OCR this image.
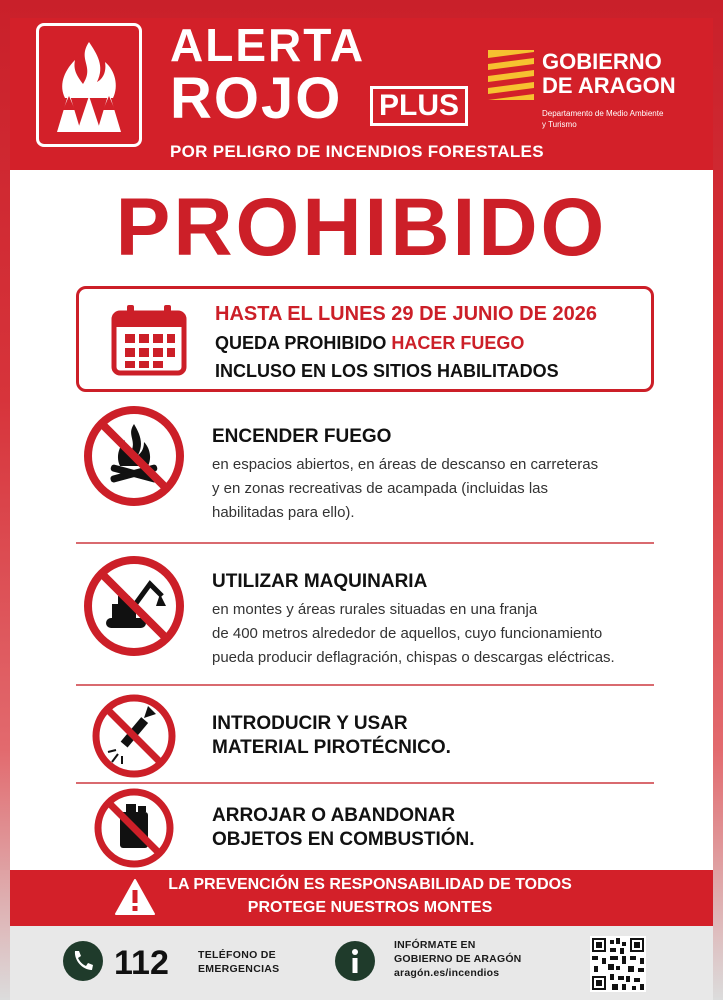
ALERTA
ROJO PLUS
POR PELIGRO DE INCENDIOS FORESTALES
GOBIERNO
DE ARAGON
Departamento de Medio Ambiente
y Turismo
PROHIBIDO
HASTA EL LUNES 29 DE JUNIO DE 2026
QUEDA PROHIBIDO HACER FUEGO
INCLUSO EN LOS SITIOS HABILITADOS
ENCENDER FUEGO
en espacios abiertos, en áreas de descanso en carreteras
y en zonas recreativas de acampada (incluidas las
habilitadas para ello).
UTILIZAR MAQUINARIA
en montes y áreas rurales situadas en una franja
de 400 metros alrededor de aquellos, cuyo funcionamiento
pueda producir deflagración, chispas o descargas eléctricas.
INTRODUCIR Y USAR
MATERIAL PIROTÉCNICO.
ARROJAR O ABANDONAR
OBJETOS EN COMBUSTIÓN.
LA PREVENCIÓN ES RESPONSABILIDAD DE TODOS
PROTEGE NUESTROS MONTES
112	TELÉFONO DE
EMERGENCIAS
INFÓRMATE EN
GOBIERNO DE ARAGÓN
aragón.es/incendios
